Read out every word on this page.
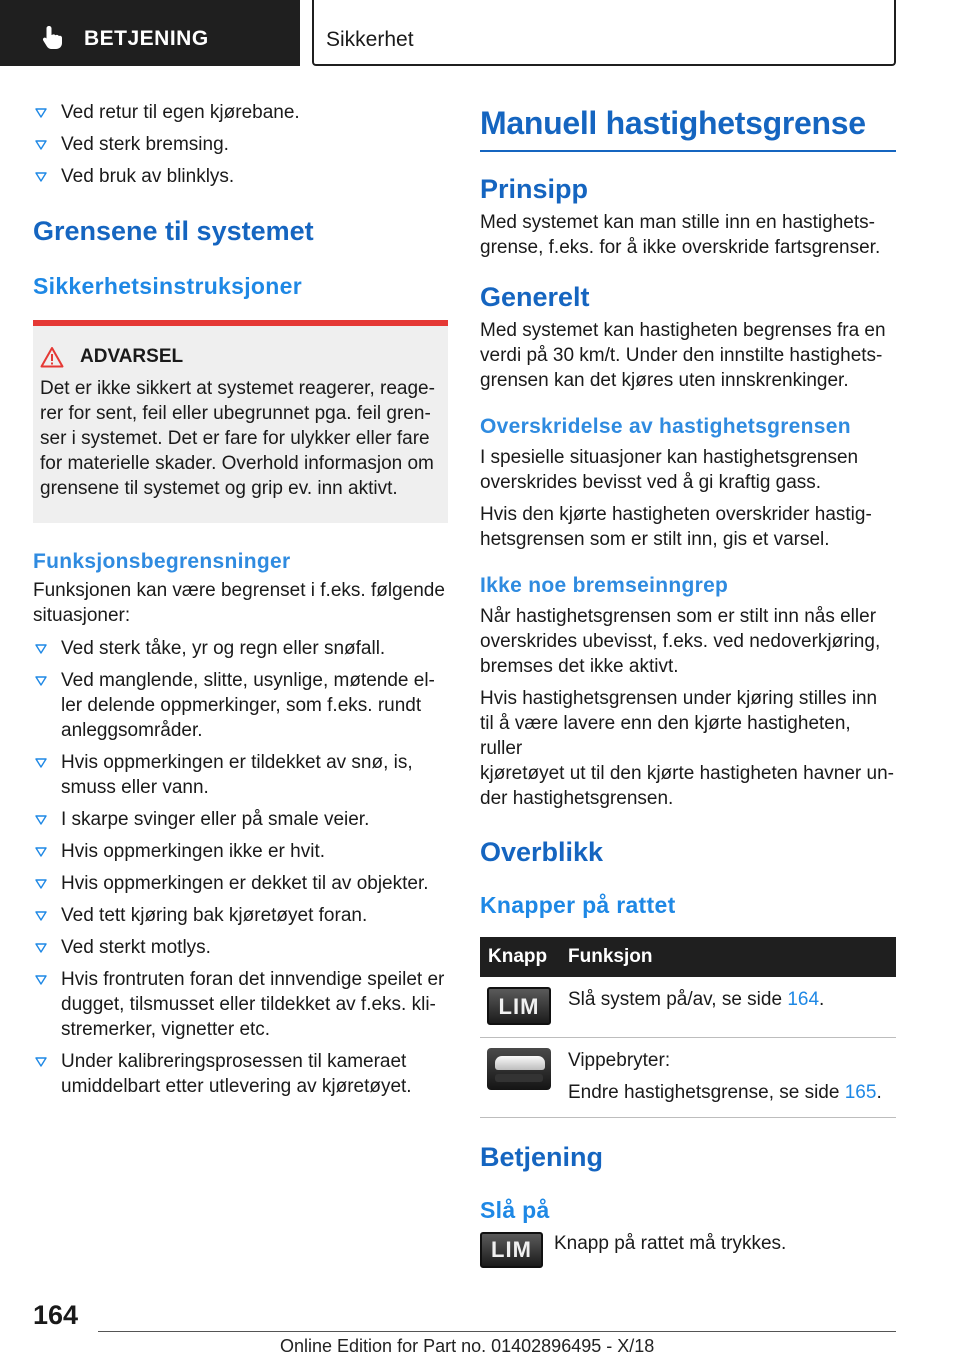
BETJENING	Sikkerhet
Ved retur til egen kjørebane.
Ved sterk bremsing.
Ved bruk av blinklys.
Grensene til systemet
Sikkerhetsinstruksjoner
ADVARSEL
Det er ikke sikkert at systemet reagerer, reage-
rer for sent, feil eller ubegrunnet pga. feil gren-
ser i systemet. Det er fare for ulykker eller fare
for materielle skader. Overhold informasjon om
grensene til systemet og grip ev. inn aktivt.
Funksjonsbegrensninger
Funksjonen kan være begrenset i f.eks. følgende
situasjoner:
Ved sterk tåke, yr og regn eller snøfall.
Ved manglende, slitte, usynlige, møtende el-
ler delende oppmerkinger, som f.eks. rundt
anleggsområder.
Hvis oppmerkingen er tildekket av snø, is,
smuss eller vann.
I skarpe svinger eller på smale veier.
Hvis oppmerkingen ikke er hvit.
Hvis oppmerkingen er dekket til av objekter.
Ved tett kjøring bak kjøretøyet foran.
Ved sterkt motlys.
Hvis frontruten foran det innvendige speilet er
dugget, tilsmusset eller tildekket av f.eks. kli-
stremerker, vignetter etc.
Under kalibreringsprosessen til kameraet
umiddelbart etter utlevering av kjøretøyet.
Manuell hastighetsgrense
Prinsipp
Med systemet kan man stille inn en hastighets-
grense, f.eks. for å ikke overskride fartsgrenser.
Generelt
Med systemet kan hastigheten begrenses fra en
verdi på 30 km/t. Under den innstilte hastighets-
grensen kan det kjøres uten innskrenkinger.
Overskridelse av hastighetsgrensen
I spesielle situasjoner kan hastighetsgrensen
overskrides bevisst ved å gi kraftig gass.
Hvis den kjørte hastigheten overskrider hastig-
hetsgrensen som er stilt inn, gis et varsel.
Ikke noe bremseinngrep
Når hastighetsgrensen som er stilt inn nås eller
overskrides ubevisst, f.eks. ved nedoverkjøring,
bremses det ikke aktivt.
Hvis hastighetsgrensen under kjøring stilles inn
til å være lavere enn den kjørte hastigheten, ruller
kjøretøyet ut til den kjørte hastigheten havner un-
der hastighetsgrensen.
Overblikk
Knapper på rattet
Knapp	Funksjon

LIM	Slå system på/av, se side 164.

	Vippebryter:
Endre hastighetsgrense, se side 165.
Betjening
Slå på
LIM Knapp på rattet må trykkes.
164
Online Edition for Part no. 01402896495 - X/18
